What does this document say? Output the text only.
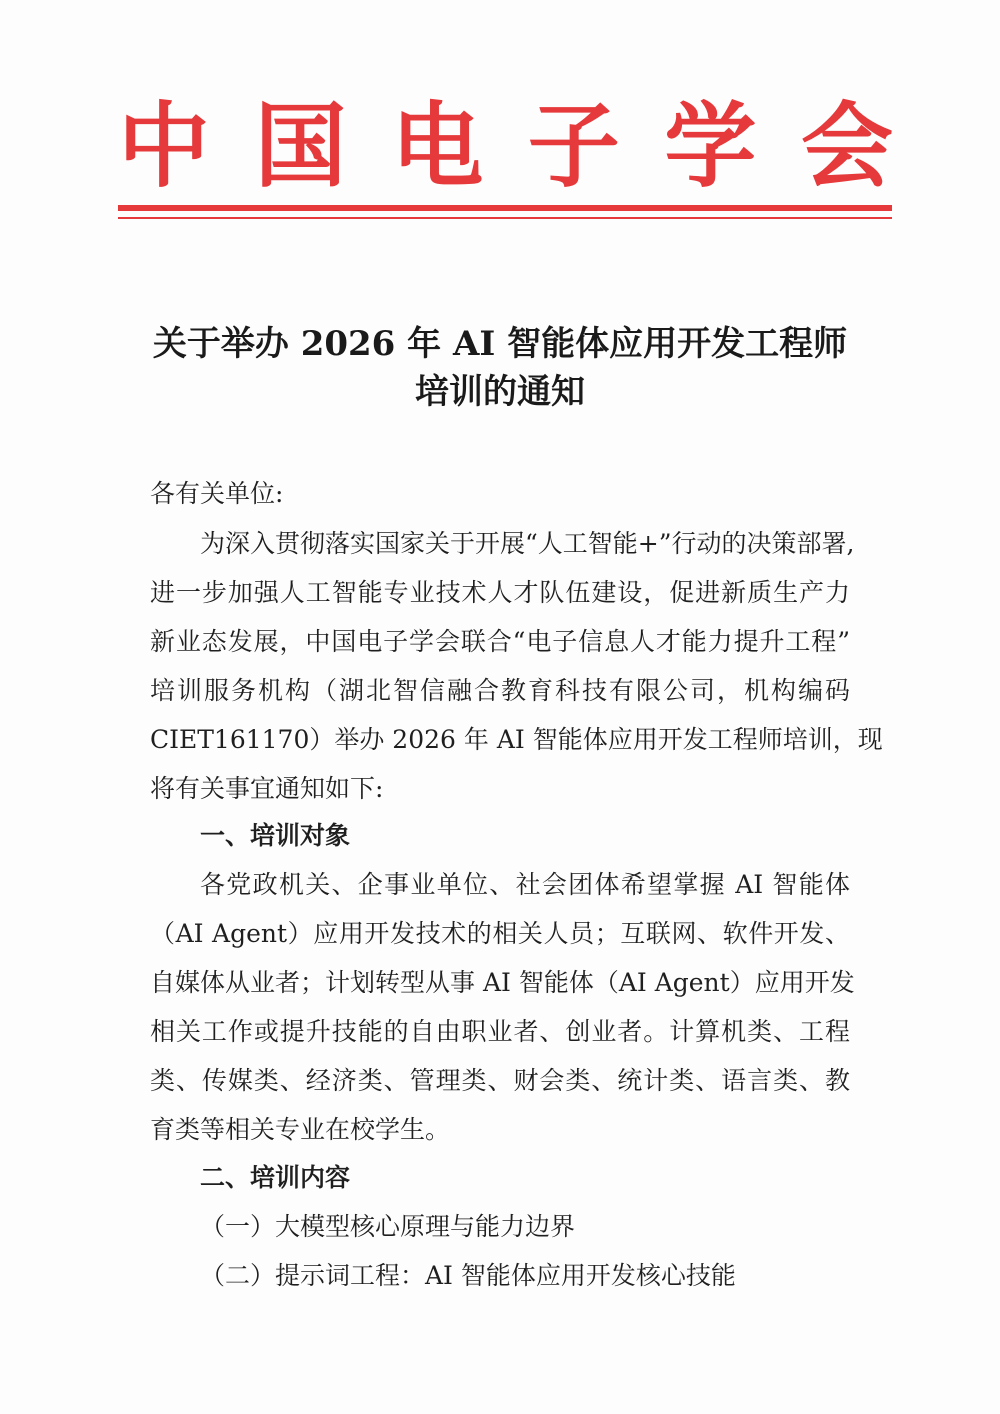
中 国 电 子 学 会
关于举办 2026 年 AI 智能体应用开发工程师
培训的通知
各有关单位:
为深入贯彻落实国家关于开展“人工智能+”行动的决策部署,
进一步加强人工智能专业技术人才队伍建设，促进新质生产力
新业态发展，中国电子学会联合“电子信息人才能力提升工程”
培训服务机构（湖北智信融合教育科技有限公司，机构编码
CIET161170）举办 2026 年 AI 智能体应用开发工程师培训，现
将有关事宜通知如下:
一、培训对象
各党政机关、企事业单位、社会团体希望掌握 AI 智能体
（AI Agent）应用开发技术的相关人员；互联网、软件开发、
自媒体从业者；计划转型从事 AI 智能体（AI Agent）应用开发
相关工作或提升技能的自由职业者、创业者。计算机类、工程
类、传媒类、经济类、管理类、财会类、统计类、语言类、教
育类等相关专业在校学生。
二、培训内容
（一）大模型核心原理与能力边界
（二）提示词工程：AI 智能体应用开发核心技能
